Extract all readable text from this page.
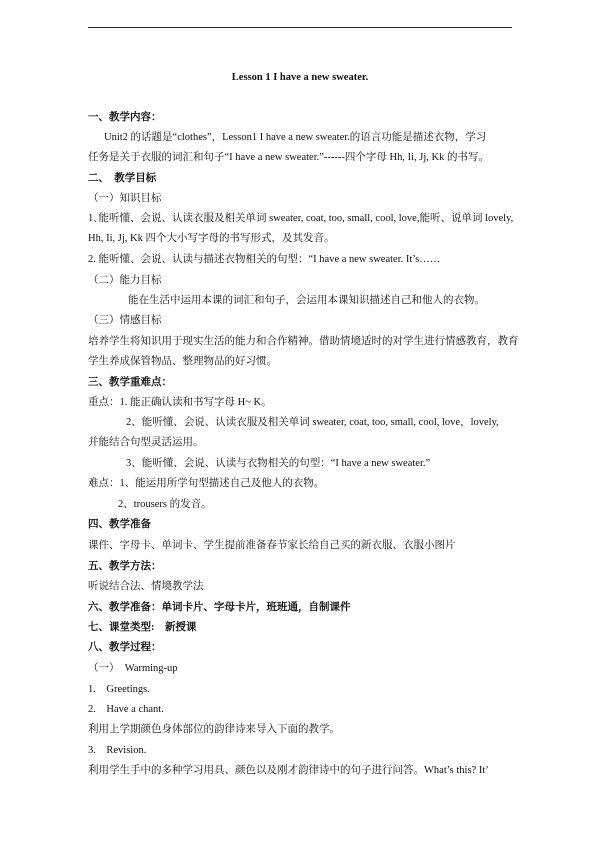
Lesson 1 I have a new sweater.
一、教学内容：
Unit2 的话题是“clothes”，Lesson1 I have a new sweater.的语言功能是描述衣物，学习
任务是关于衣服的词汇和句子“I have a new sweater.”------四个字母 Hh, Ii, Jj, Kk 的书写。
二、　教学目标
（一）知识目标
1､能听懂、会说、认读衣服及相关单词 sweater, coat, too, small, cool, love,能听、说单词 lovely,
Hh, Ii, Jj, Kk 四个大小写字母的书写形式，及其发音。
2. 能听懂、会说、认读与描述衣物相关的句型：“I have a new sweater. It’s……
（二）能力目标
能在生活中运用本课的词汇和句子，会运用本课知识描述自己和他人的衣物。
（三）情感目标
培养学生将知识用于现实生活的能力和合作精神。借助情境适时的对学生进行情感教育，教育
学生养成保管物品、整理物品的好习惯。
三、教学重难点：
重点：1. 能正确认读和书写字母 H~ K。
2、能听懂、会说、认读衣服及相关单词 sweater, coat, too, small, cool, love，lovely,
并能结合句型灵活运用。
3、能听懂、会说、认读与衣物相关的句型：“I have a new sweater.”
难点：1、能运用所学句型描述自己及他人的衣物。
2、trousers 的发音。
四、教学准备
课件、字母卡、单词卡、学生提前准备春节家长给自己买的新衣服、衣服小图片
五、教学方法：
听说结合法、情境教学法
六、教学准备：单词卡片、字母卡片，班班通，自制课件
七、课堂类型:　新授课
八、教学过程：
（一）　Warming-up
1.　Greetings.
2.　Have a chant.
利用上学期颜色身体部位的韵律诗来导入下面的教学。
3.　Revision.
利用学生手中的多种学习用具、颜色以及刚才韵律诗中的句子进行问答。What’s this? It’
